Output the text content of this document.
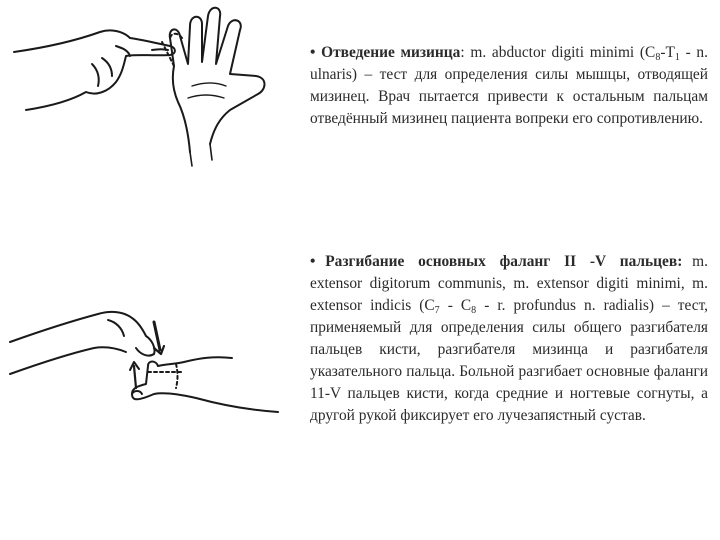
• Отведение мизинца: m. abductor digiti minimi ($C_8-T_1$ - n. ulnaris) – тест для определения силы мышцы, отводящей мизинец. Врач пытается привести к остальным пальцам отведённый мизинец пациента вопреки его сопротивлению.
• Разгибание основных фаланг II -V пальцев: m. extensor digitorum communis, m. extensor digiti minimi, m. extensor indicis ($C_7 - C_8$ - r. profundus n. radialis) – тест, применяемый для определения силы общего разгибателя пальцев кисти, разгибателя мизинца и разгибателя указательного пальца. Больной разгибает основные фаланги 11-V пальцев кисти, когда средние и ногтевые согнуты, а другой рукой фиксирует его лучезапястный сустав.
